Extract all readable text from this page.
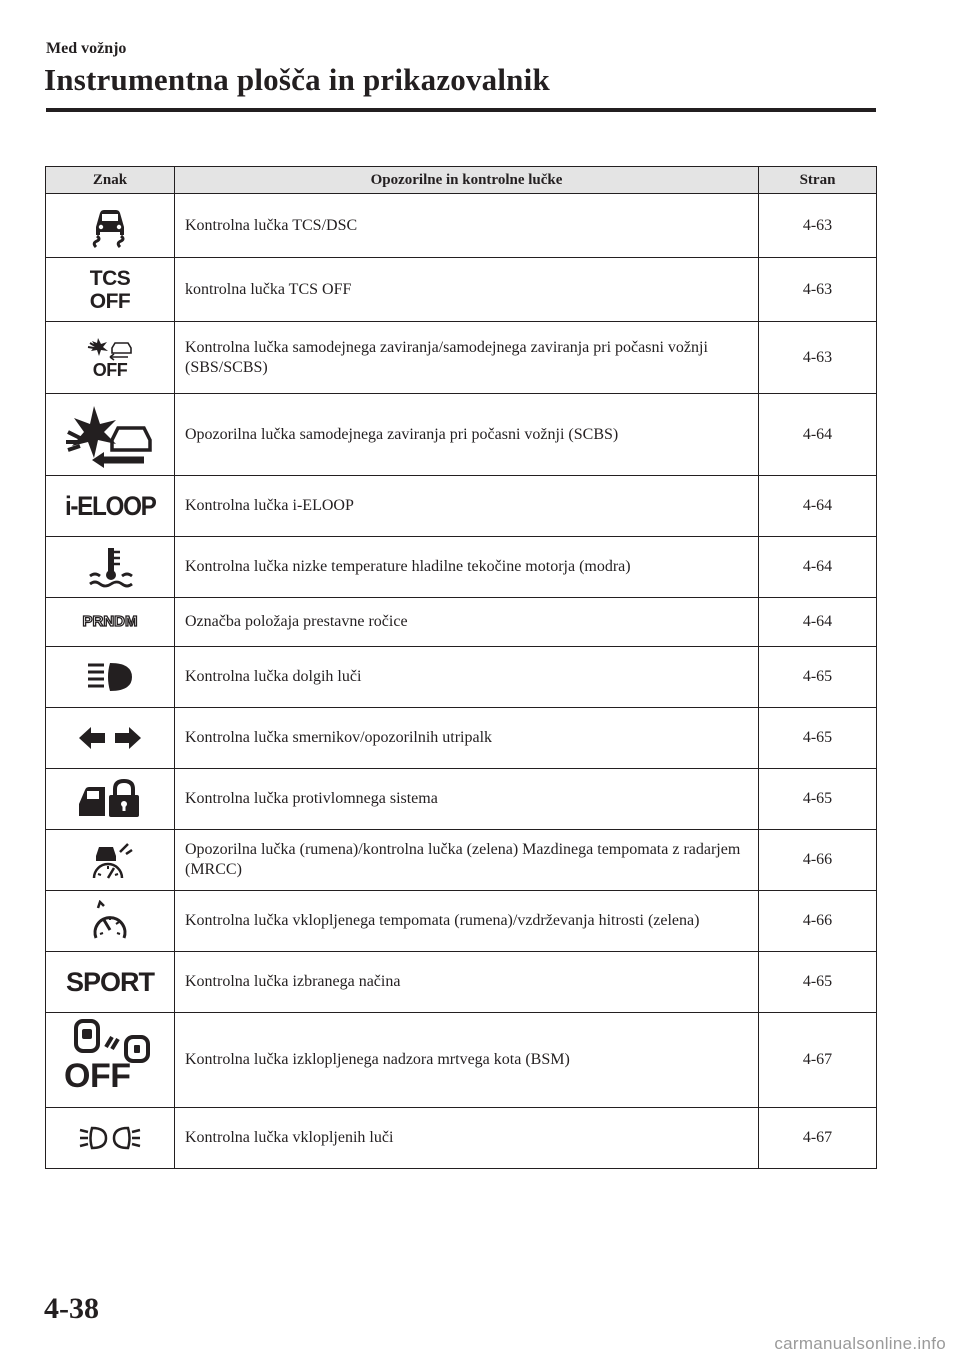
Med vožnjo
Instrumentna plošča in prikazovalnik
Znak	Opozorilne in kontrolne lučke	Stran

	Kontrolna lučka TCS/DSC	4-63
TCS
OFF	kontrolna lučka TCS OFF	4-63

OFF	Kontrolna lučka samodejnega zaviranja/samodejnega zaviranja pri počasni vožnji (SBS/SCBS)	4-63

	Opozorilna lučka samodejnega zaviranja pri počasni vožnji (SCBS)	4-64
i-ELOOP	Kontrolna lučka i-ELOOP	4-64

	Kontrolna lučka nizke temperature hladilne tekočine motorja (modra)	4-64
PRNDM	Označba položaja prestavne ročice	4-64

	Kontrolna lučka dolgih luči	4-65

	Kontrolna lučka smernikov/opozorilnih utripalk	4-65

	Kontrolna lučka protivlomnega sistema	4-65

	Opozorilna lučka (rumena)/kontrolna lučka (zelena) Mazdinega tempomata z radarjem (MRCC)	4-66

	Kontrolna lučka vklopljenega tempomata (rumena)/vzdrževanja hitrosti (zelena)	4-66
SPORT	Kontrolna lučka izbranega načina	4-65

OFF	Kontrolna lučka izklopljenega nadzora mrtvega kota (BSM)	4-67

	Kontrolna lučka vklopljenih luči	4-67
4-38
carmanualsonline.info
